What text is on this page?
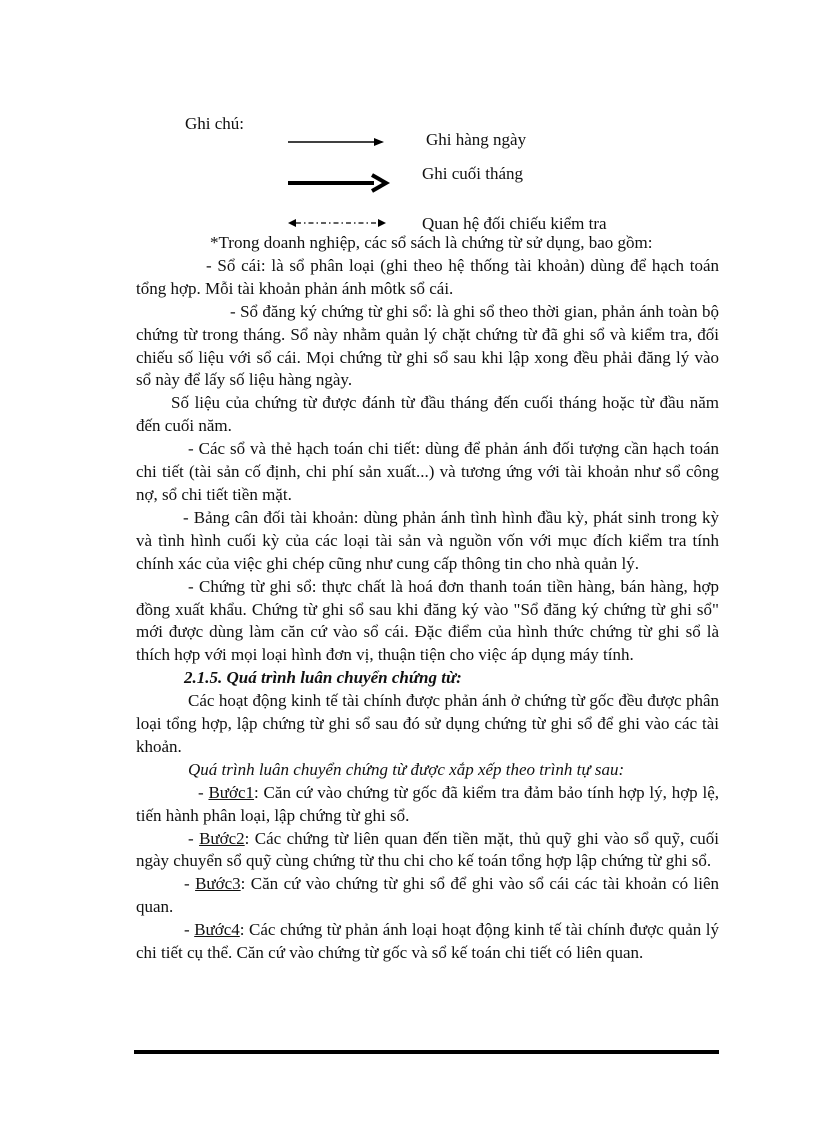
Ghi chú:
Ghi hàng ngày
Ghi cuối tháng
Quan hệ đối chiếu kiểm tra

*Trong doanh nghiệp, các sổ sách là chứng từ sử dụng, bao gồm:

- Sổ cái: là sổ phân loại (ghi theo hệ thống tài khoản) dùng để hạch toán tổng hợp. Mỗi tài khoản phản ánh môtk sổ cái.

- Sổ đăng ký chứng từ ghi sổ: là ghi sổ theo thời gian, phản ánh toàn bộ chứng từ trong tháng. Sổ này nhằm quản lý chặt chứng từ đã ghi sổ và kiểm tra, đối chiếu số liệu với sổ cái. Mọi chứng từ ghi sổ sau khi lập xong đều phải đăng lý vào sổ này để lấy số liệu hàng ngày.

Số liệu của chứng từ được đánh từ đầu tháng đến cuối tháng hoặc từ đầu năm đến cuối năm.

- Các sổ và thẻ hạch toán chi tiết: dùng để phản ánh đối tượng cần hạch toán chi tiết (tài sản cố định, chi phí sản xuất...) và tương ứng với tài khoản như sổ công nợ, sổ chi tiết tiền mặt.

- Bảng cân đối tài khoản: dùng phản ánh tình hình đầu kỳ, phát sinh trong kỳ và tình hình cuối kỳ của các loại tài sản và nguồn vốn với mục đích kiểm tra tính chính xác của việc ghi chép cũng như cung cấp thông tin cho nhà quản lý.

- Chứng từ ghi sổ: thực chất là hoá đơn thanh toán tiền hàng, bán hàng, hợp đồng xuất khẩu. Chứng từ ghi sổ sau khi đăng ký vào "Sổ đăng ký chứng từ ghi sổ" mới được dùng làm căn cứ vào sổ cái. Đặc điểm của hình thức chứng từ ghi sổ là thích hợp với mọi loại hình đơn vị, thuận tiện cho việc áp dụng máy tính.

2.1.5. Quá trình luân chuyển chứng từ:

Các hoạt động kinh tế tài chính được phản ánh ở chứng từ gốc đều được phân loại tổng hợp, lập chứng từ ghi sổ sau đó sử dụng chứng từ ghi sổ để ghi vào các tài khoản.

Quá trình luân chuyển chứng từ được xắp xếp theo trình tự sau:

- Bước1: Căn cứ vào chứng từ gốc đã kiểm tra đảm bảo tính hợp lý, hợp lệ, tiến hành phân loại, lập chứng từ ghi sổ.

- Bước2: Các chứng từ liên quan đến tiền mặt, thủ quỹ ghi vào sổ quỹ, cuối ngày chuyển sổ quỹ cùng chứng từ thu chi cho kế toán tổng hợp lập chứng từ ghi sổ.

- Bước3: Căn cứ vào chứng từ ghi sổ để ghi vào sổ cái các tài khoản có liên quan.

- Bước4: Các chứng từ phản ánh loại hoạt động kinh tế tài chính được quản lý chi tiết cụ thể. Căn cứ vào chứng từ gốc và sổ kế toán chi tiết có liên quan.
